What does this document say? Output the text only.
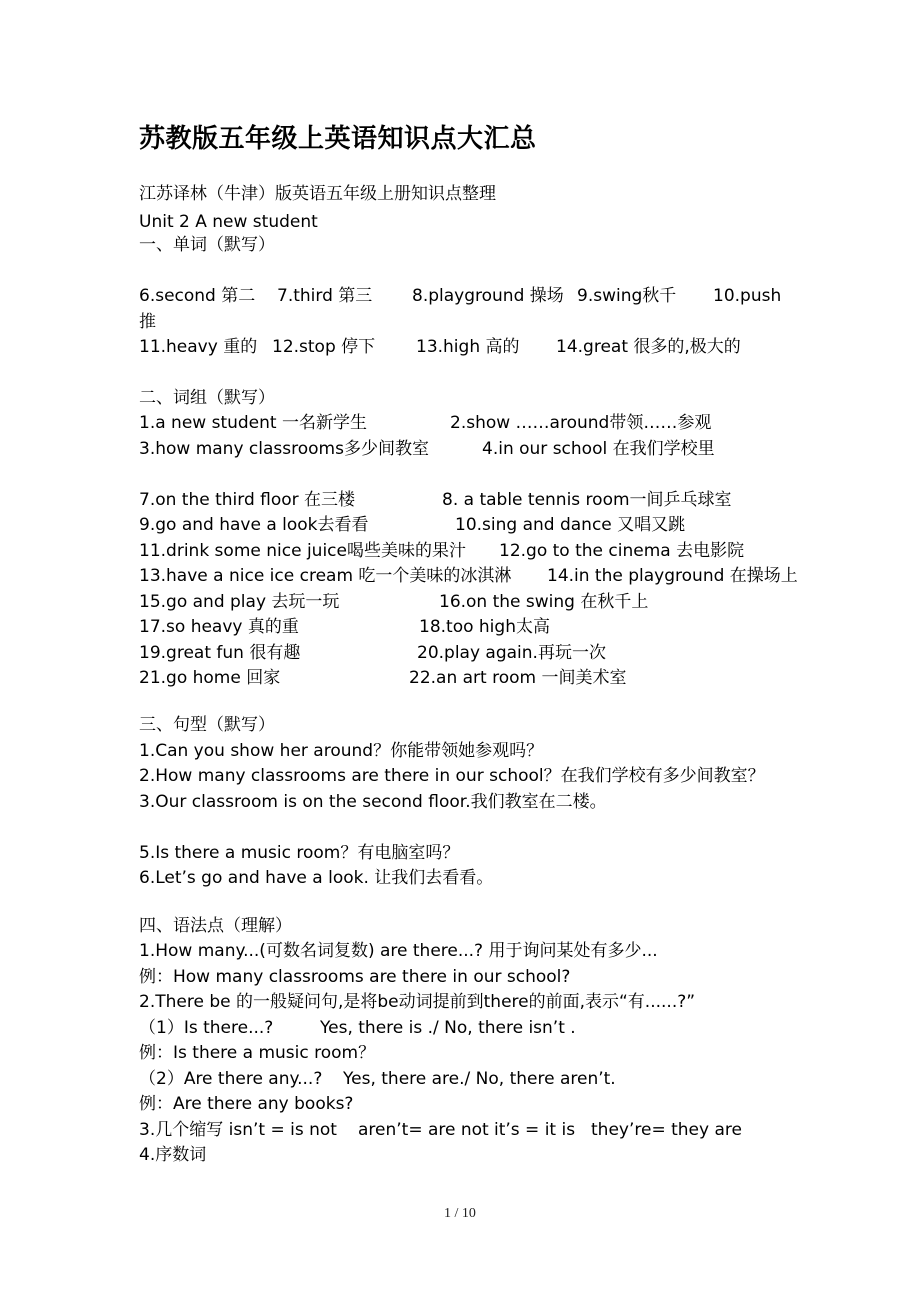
苏教版五年级上英语知识点大汇总
江苏译林（牛津）版英语五年级上册知识点整理
Unit 2 A new student
一、单词（默写）
6.second 第二 7.third 第三 8.playground 操场 9.swing秋千 10.push
推
11.heavy 重的 12.stop 停下 13.high 高的 14.great 很多的,极大的
二、词组（默写）
1.a new student 一名新学生	2.show ……around带领……参观
3.how many classrooms多少间教室	4.in our school 在我们学校里
7.on the third floor 在三楼	8. a table tennis room一间乒乓球室
9.go and have a look去看看	10.sing and dance 又唱又跳
11.drink some nice juice喝些美味的果汁 12.go to the cinema 去电影院
13.have a nice ice cream 吃一个美味的冰淇淋 14.in the playground 在操场上
15.go and play 去玩一玩	16.on the swing 在秋千上
17.so heavy 真的重	18.too high太高
19.great fun 很有趣	20.play again.再玩一次
21.go home 回家	22.an art room 一间美术室
三、句型（默写）
1.Can you show her around？你能带领她参观吗？
2.How many classrooms are there in our school？在我们学校有多少间教室？
3.Our classroom is on the second floor.我们教室在二楼。
5.Is there a music room？有电脑室吗？
6.Let’s go and have a look. 让我们去看看。
四、语法点（理解）
1.How many...(可数名词复数) are there...? 用于询问某处有多少...
例：How many classrooms are there in our school?
2.There be 的一般疑问句,是将be动词提前到there的前面,表示“有......?”
（1）Is there...?	Yes, there is ./ No, there isn’t .
例：Is there a music room？
（2）Are there any...? Yes, there are./ No, there aren’t.
例：Are there any books?
3.几个缩写 isn’t = is not aren’t= are not it’s = it is they’re= they are
4.序数词
1 / 10
